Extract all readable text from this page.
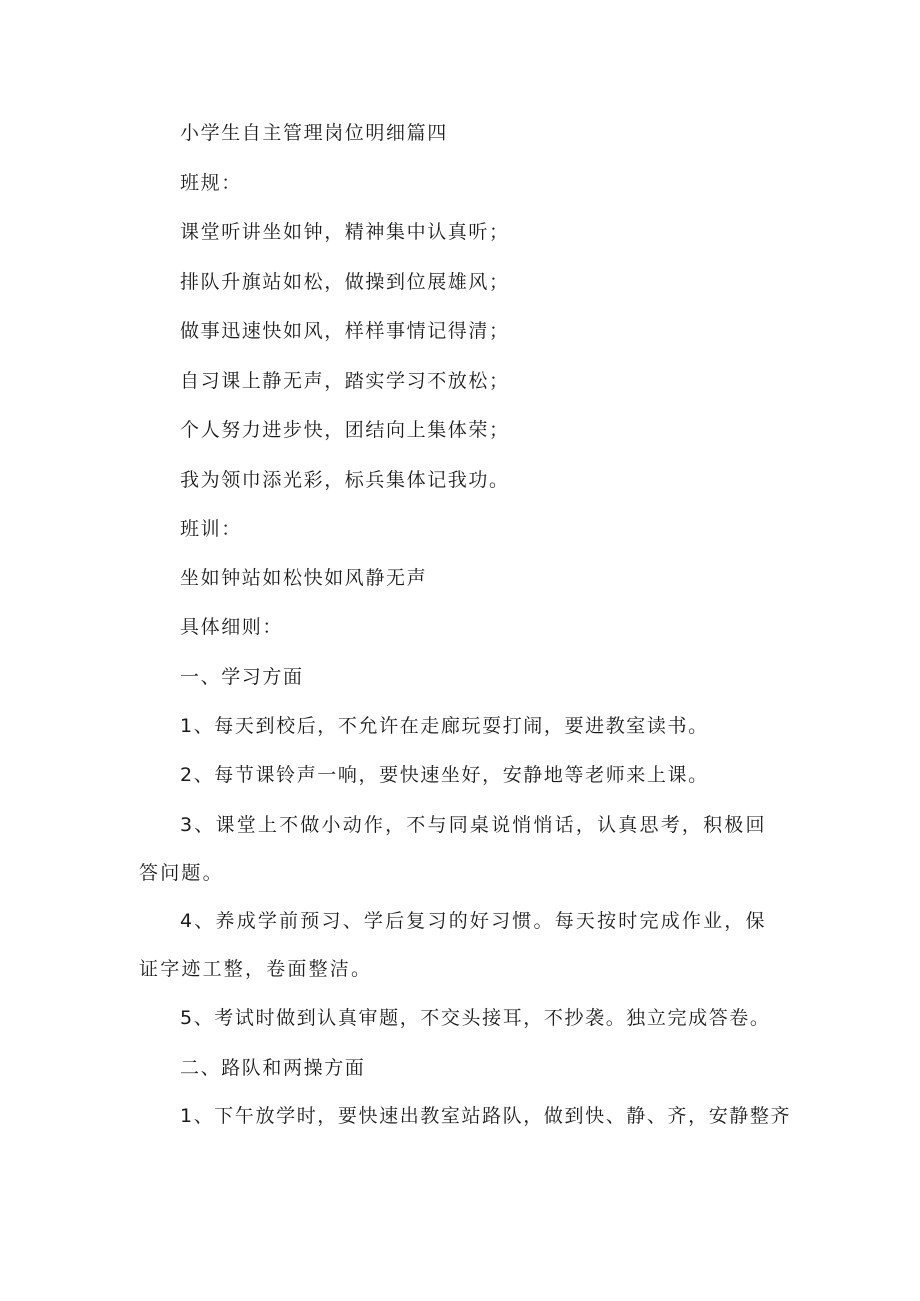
小学生自主管理岗位明细篇四
班规：
课堂听讲坐如钟，精神集中认真听；
排队升旗站如松，做操到位展雄风；
做事迅速快如风，样样事情记得清；
自习课上静无声，踏实学习不放松；
个人努力进步快，团结向上集体荣；
我为领巾添光彩，标兵集体记我功。
班训：
坐如钟站如松快如风静无声
具体细则：
一、学习方面
1、每天到校后，不允许在走廊玩耍打闹，要进教室读书。
2、每节课铃声一响，要快速坐好，安静地等老师来上课。
3、课堂上不做小动作，不与同桌说悄悄话，认真思考，积极回答问题。
4、养成学前预习、学后复习的好习惯。每天按时完成作业，保证字迹工整，卷面整洁。
5、考试时做到认真审题，不交头接耳，不抄袭。独立完成答卷。
二、路队和两操方面
1、下午放学时，要快速出教室站路队，做到快、静、齐，安静整齐
